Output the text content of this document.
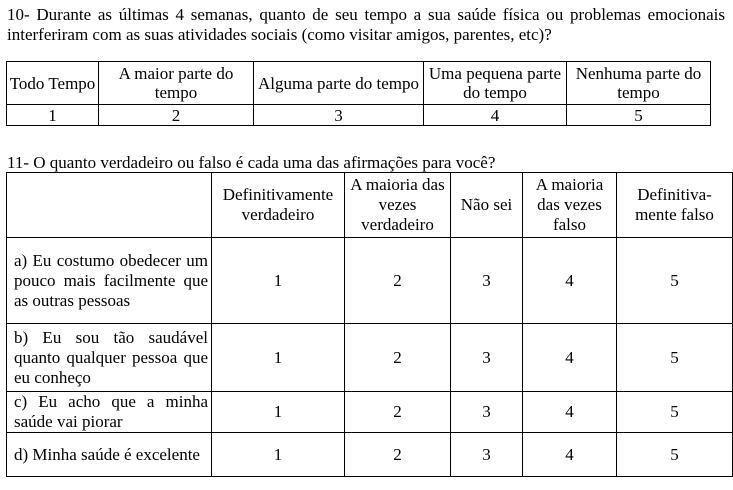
10- Durante as últimas 4 semanas, quanto de seu tempo a sua saúde física ou problemas emocionais interferiram com as suas atividades sociais (como visitar amigos, parentes, etc)?
Todo Tempo	A maior parte do tempo	Alguma parte do tempo	Uma pequena parte do tempo	Nenhuma parte do tempo
1	2	3	4	5
11- O quanto verdadeiro ou falso é cada uma das afirmações para você?
	Definitivamente verdadeiro	A maioria das vezes verdadeiro	Não sei	A maioria das vezes falso	Definitiva-mente falso
a) Eu costumo obedecer um pouco mais facilmente que as outras pessoas	1	2	3	4	5
b) Eu sou tão saudável quanto qualquer pessoa que eu conheço	1	2	3	4	5
c) Eu acho que a minha saúde vai piorar	1	2	3	4	5
d) Minha saúde é excelente	1	2	3	4	5
